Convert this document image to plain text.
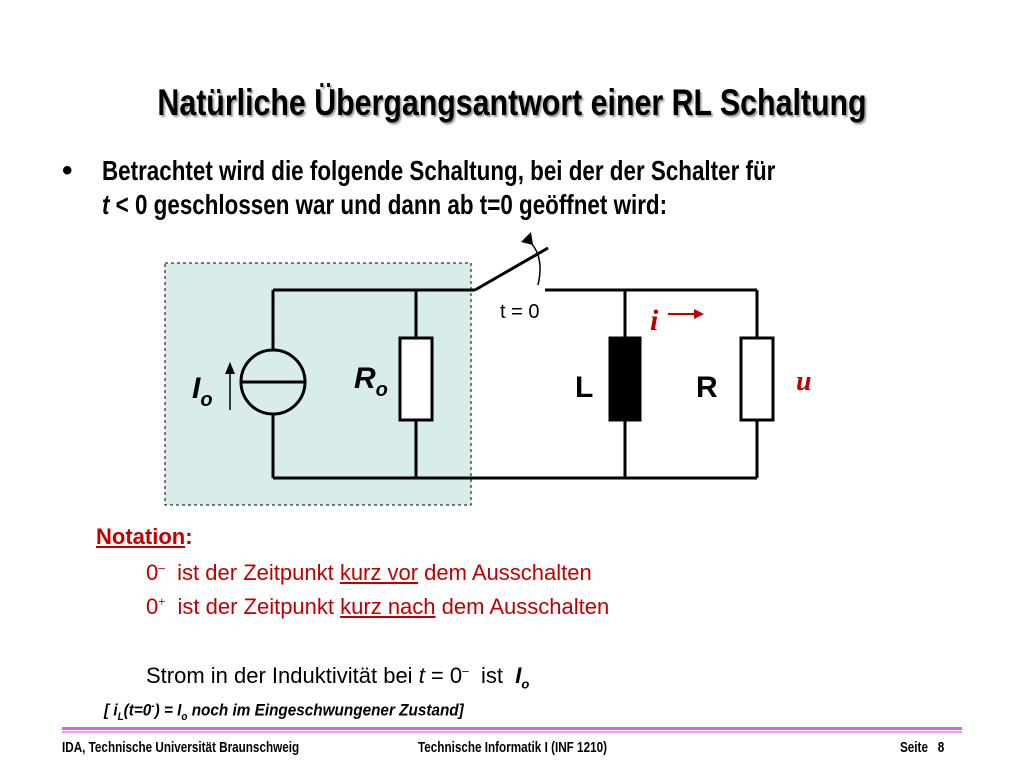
Natürliche Übergangsantwort einer RL Schaltung
• Betrachtet wird die folgende Schaltung, bei der der Schalter für
t < 0 geschlossen war und dann ab t=0 geöffnet wird:
$I_o$
$R_o$	L	R
t = 0	i
u
Notation:
0– ist der Zeitpunkt kurz vor dem Ausschalten
0+ ist der Zeitpunkt kurz nach dem Ausschalten
Strom in der Induktivität bei t = 0–  ist  $I_o$
[ $i_L(t=0^-) = I_o$ noch im Eingeschwungener Zustand]
IDA, Technische Universität Braunschweig	Technische Informatik I (INF 1210)	Seite 8
